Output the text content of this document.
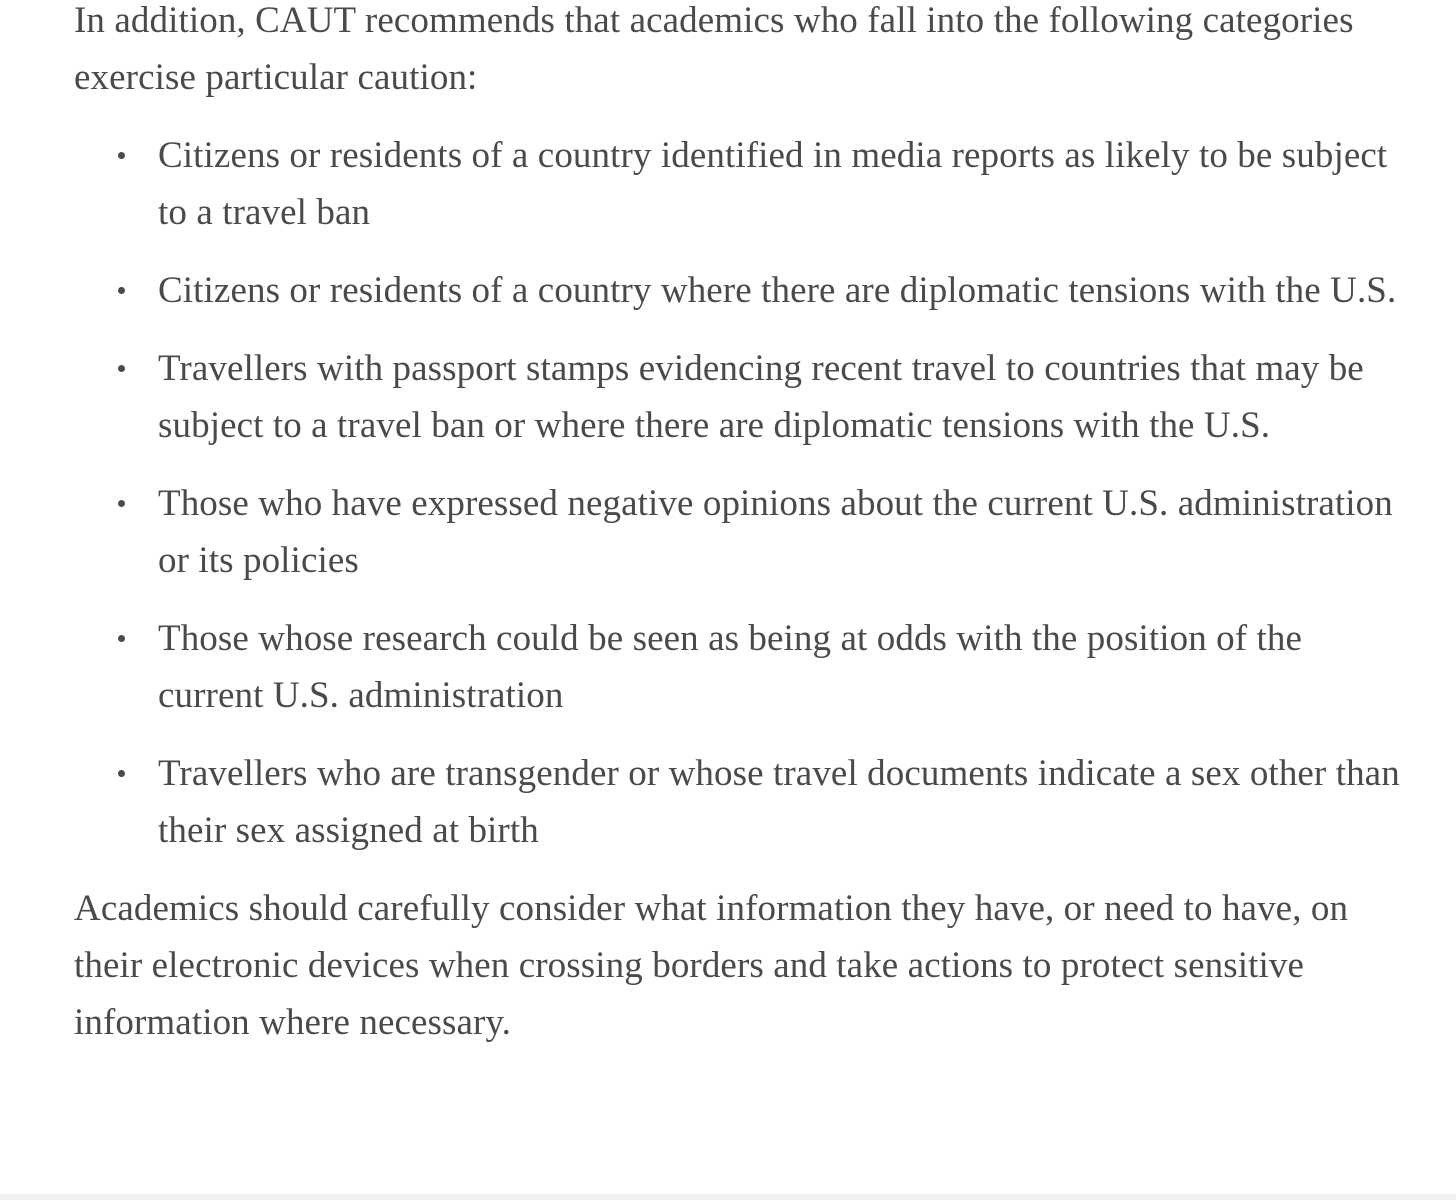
In addition, CAUT recommends that academics who fall into the following categories exercise particular caution:

Citizens or residents of a country identified in media reports as likely to be subject to a travel ban
Citizens or residents of a country where there are diplomatic tensions with the U.S.
Travellers with passport stamps evidencing recent travel to countries that may be subject to a travel ban or where there are diplomatic tensions with the U.S.
Those who have expressed negative opinions about the current U.S. administration or its policies
Those whose research could be seen as being at odds with the position of the current U.S. administration
Travellers who are transgender or whose travel documents indicate a sex other than their sex assigned at birth

Academics should carefully consider what information they have, or need to have, on their electronic devices when crossing borders and take actions to protect sensitive information where necessary.
